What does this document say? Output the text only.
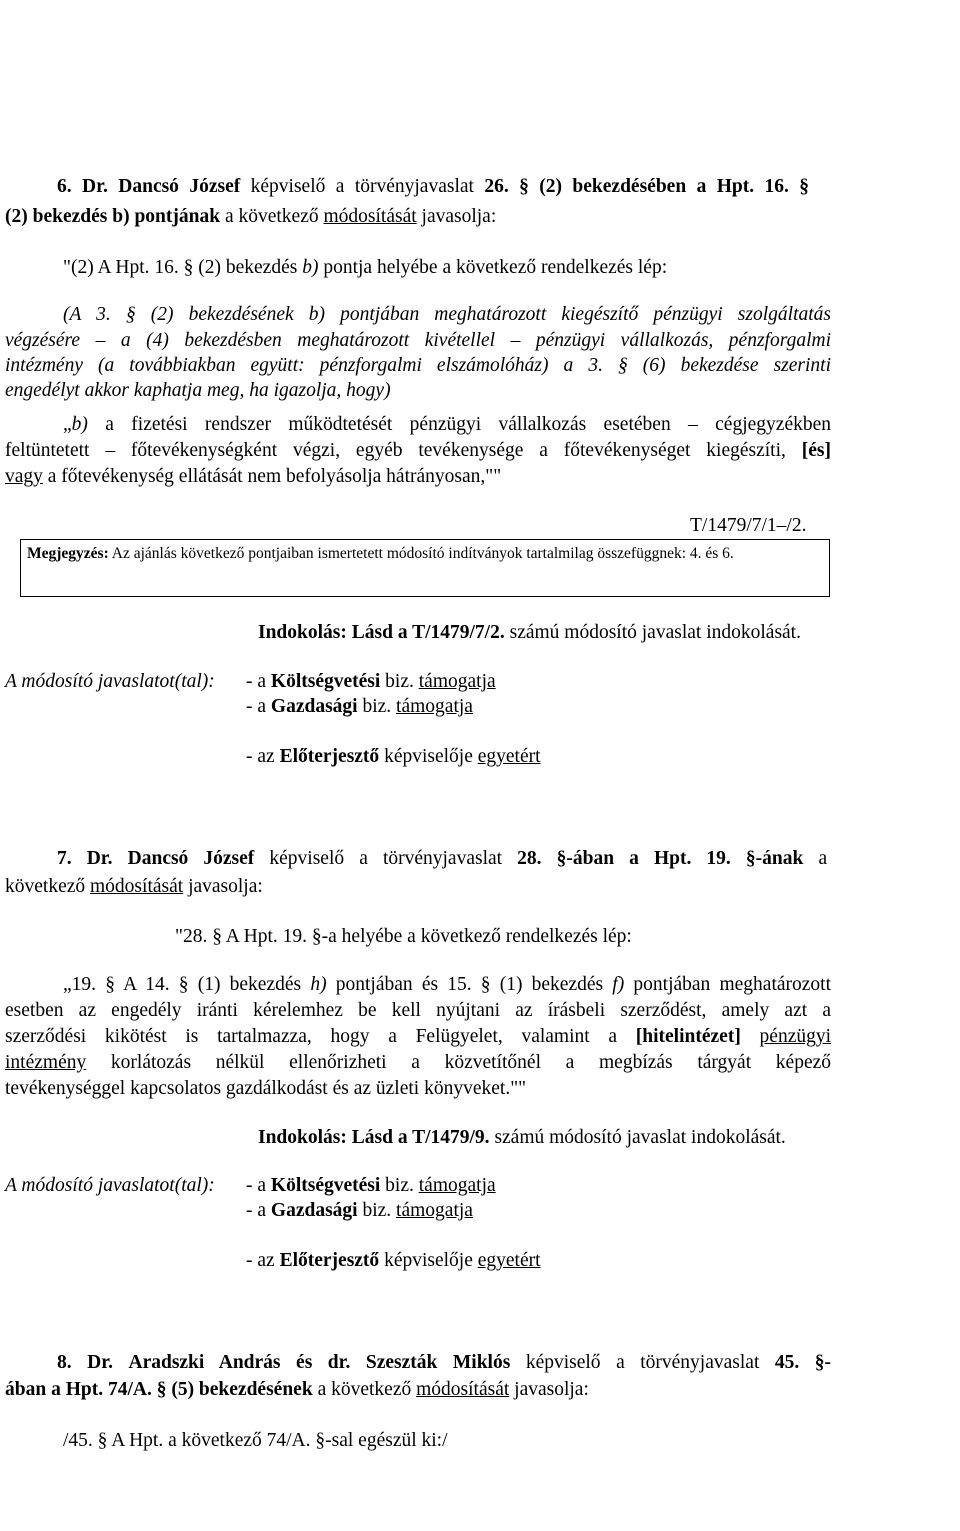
6. Dr. Dancsó József képviselő a törvényjavaslat 26. § (2) bekezdésében a Hpt. 16. §
(2) bekezdés b) pontjának a következő módosítását javasolja:
"(2) A Hpt. 16. § (2) bekezdés b) pontja helyébe a következő rendelkezés lép:
(A 3. § (2) bekezdésének b) pontjában meghatározott kiegészítő pénzügyi szolgáltatás
végzésére – a (4) bekezdésben meghatározott kivétellel – pénzügyi vállalkozás, pénzforgalmi
intézmény (a továbbiakban együtt: pénzforgalmi elszámolóház) a 3. § (6) bekezdése szerinti
engedélyt akkor kaphatja meg, ha igazolja, hogy)
„b) a fizetési rendszer működtetését pénzügyi vállalkozás esetében – cégjegyzékben
feltüntetett – főtevékenységként végzi, egyéb tevékenysége a főtevékenységet kiegészíti, [és]
vagy a főtevékenység ellátását nem befolyásolja hátrányosan,""
T/1479/7/1–/2.
Megjegyzés: Az ajánlás következő pontjaiban ismertetett módosító indítványok tartalmilag összefüggnek: 4. és 6.
Indokolás: Lásd a T/1479/7/2. számú módosító javaslat indokolását.
A módosító javaslatot(tal): - a Költségvetési biz. támogatja
- a Gazdasági biz. támogatja
- az Előterjesztő képviselője egyetért
7. Dr. Dancsó József képviselő a törvényjavaslat 28. §-ában a Hpt. 19. §-ának a
következő módosítását javasolja:
"28. § A Hpt. 19. §-a helyébe a következő rendelkezés lép:
„19. § A 14. § (1) bekezdés h) pontjában és 15. § (1) bekezdés f) pontjában meghatározott
esetben az engedély iránti kérelemhez be kell nyújtani az írásbeli szerződést, amely azt a
szerződési kikötést is tartalmazza, hogy a Felügyelet, valamint a [hitelintézet] pénzügyi
intézmény korlátozás nélkül ellenőrizheti a közvetítőnél a megbízás tárgyát képező
tevékenységgel kapcsolatos gazdálkodást és az üzleti könyveket.""
Indokolás: Lásd a T/1479/9. számú módosító javaslat indokolását.
A módosító javaslatot(tal): - a Költségvetési biz. támogatja
- a Gazdasági biz. támogatja
- az Előterjesztő képviselője egyetért
8. Dr. Aradszki András és dr. Szeszták Miklós képviselő a törvényjavaslat 45. §-
ában a Hpt. 74/A. § (5) bekezdésének a következő módosítását javasolja:
/45. § A Hpt. a következő 74/A. §-sal egészül ki:/
